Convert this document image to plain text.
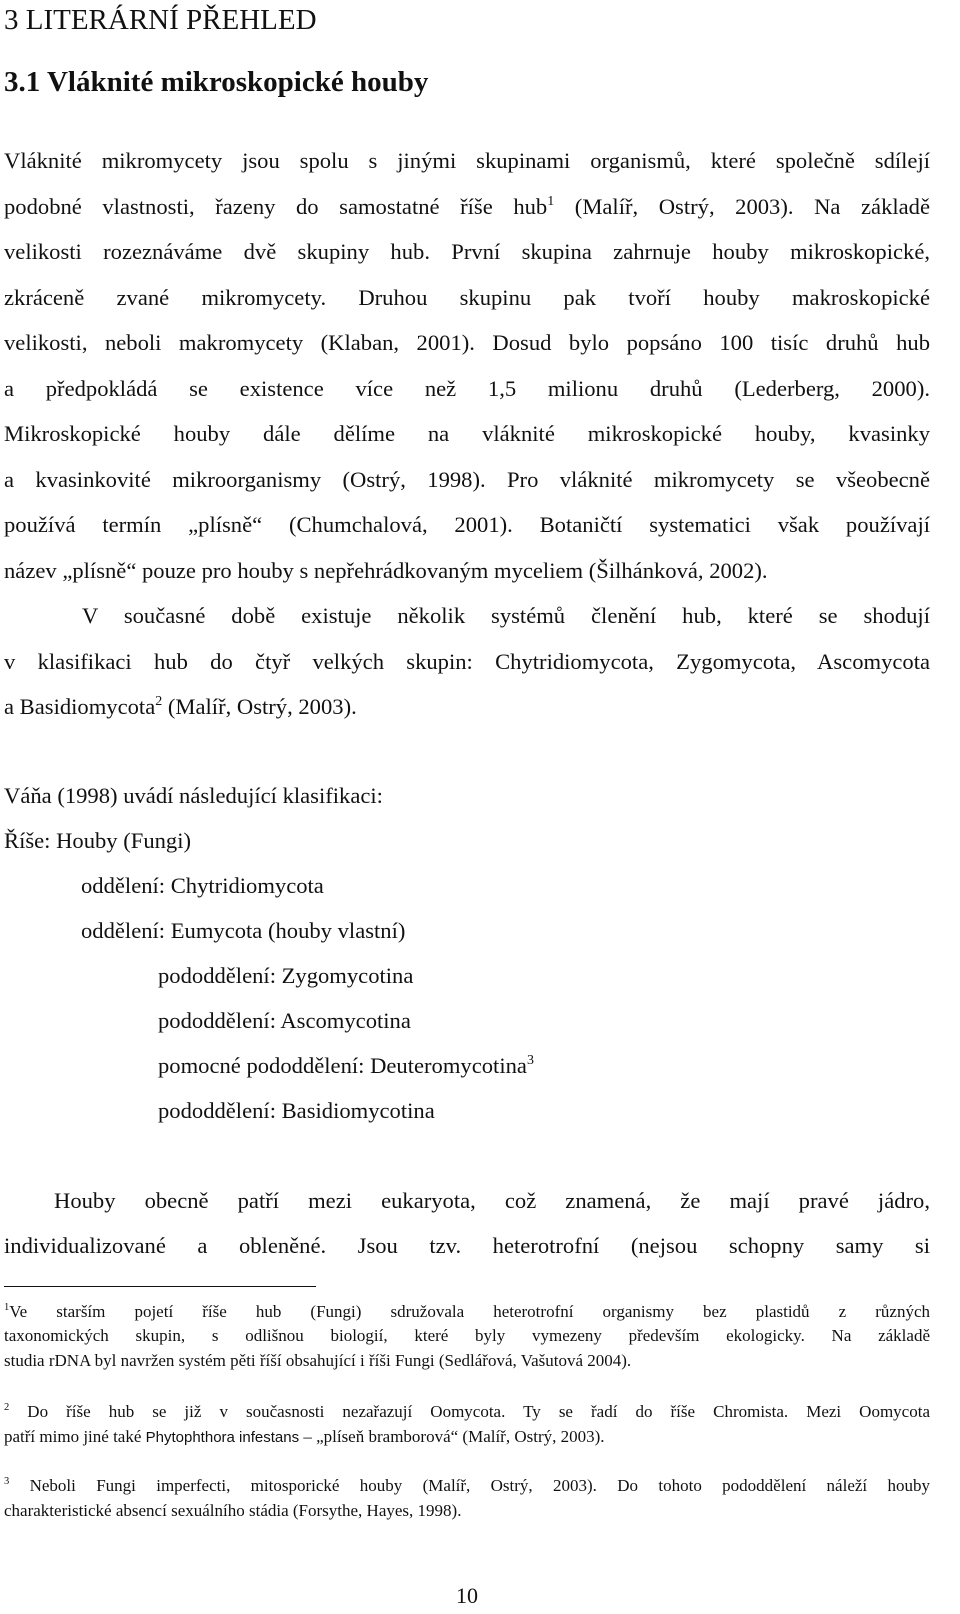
3 LITERÁRNÍ PŘEHLED
3.1 Vláknité mikroskopické houby
Vláknité mikromycety jsou spolu s jinými skupinami organismů, které společně sdílejí
podobné vlastnosti, řazeny do samostatné říše hub$^1$ (Malíř, Ostrý, 2003). Na základě
velikosti rozeznáváme dvě skupiny hub. První skupina zahrnuje houby mikroskopické,
zkráceně zvané mikromycety. Druhou skupinu pak tvoří houby makroskopické
velikosti, neboli makromycety (Klaban, 2001). Dosud bylo popsáno 100 tisíc druhů hub
a předpokládá se existence více než 1,5 milionu druhů (Lederberg, 2000).
Mikroskopické houby dále dělíme na vláknité mikroskopické houby, kvasinky
a kvasinkovité mikroorganismy (Ostrý, 1998). Pro vláknité mikromycety se všeobecně
používá termín „plísně“ (Chumchalová, 2001). Botaničtí systematici však používají
název „plísně“ pouze pro houby s nepřehrádkovaným myceliem (Šilhánková, 2002).
V současné době existuje několik systémů členění hub, které se shodují
v klasifikaci hub do čtyř velkých skupin: Chytridiomycota, Zygomycota, Ascomycota
a Basidiomycota$^2$ (Malíř, Ostrý, 2003).
Váňa (1998) uvádí následující klasifikaci:
Říše: Houby (Fungi)
oddělení: Chytridiomycota
oddělení: Eumycota (houby vlastní)
pododdělení: Zygomycotina
pododdělení: Ascomycotina
pomocné pododdělení: Deuteromycotina$^3$
pododdělení: Basidiomycotina
Houby obecně patří mezi eukaryota, což znamená, že mají pravé jádro,
individualizované a obleněné. Jsou tzv. heterotrofní (nejsou schopny samy si
$^1$Ve starším pojetí říše hub (Fungi) sdružovala heterotrofní organismy bez plastidů z různých
taxonomických skupin, s odlišnou biologií, které byly vymezeny především ekologicky. Na základě
studia rDNA byl navržen systém pěti říší obsahující i říši Fungi (Sedlářová, Vašutová 2004).
$^2$ Do říše hub se již v současnosti nezařazují Oomycota. Ty se řadí do říše Chromista. Mezi Oomycota
patří mimo jiné také Phytophthora infestans – „plíseň bramborová“ (Malíř, Ostrý, 2003).
$^3$ Neboli Fungi imperfecti, mitosporické houby (Malíř, Ostrý, 2003). Do tohoto pododdělení náleží houby
charakteristické absencí sexuálního stádia (Forsythe, Hayes, 1998).
10
